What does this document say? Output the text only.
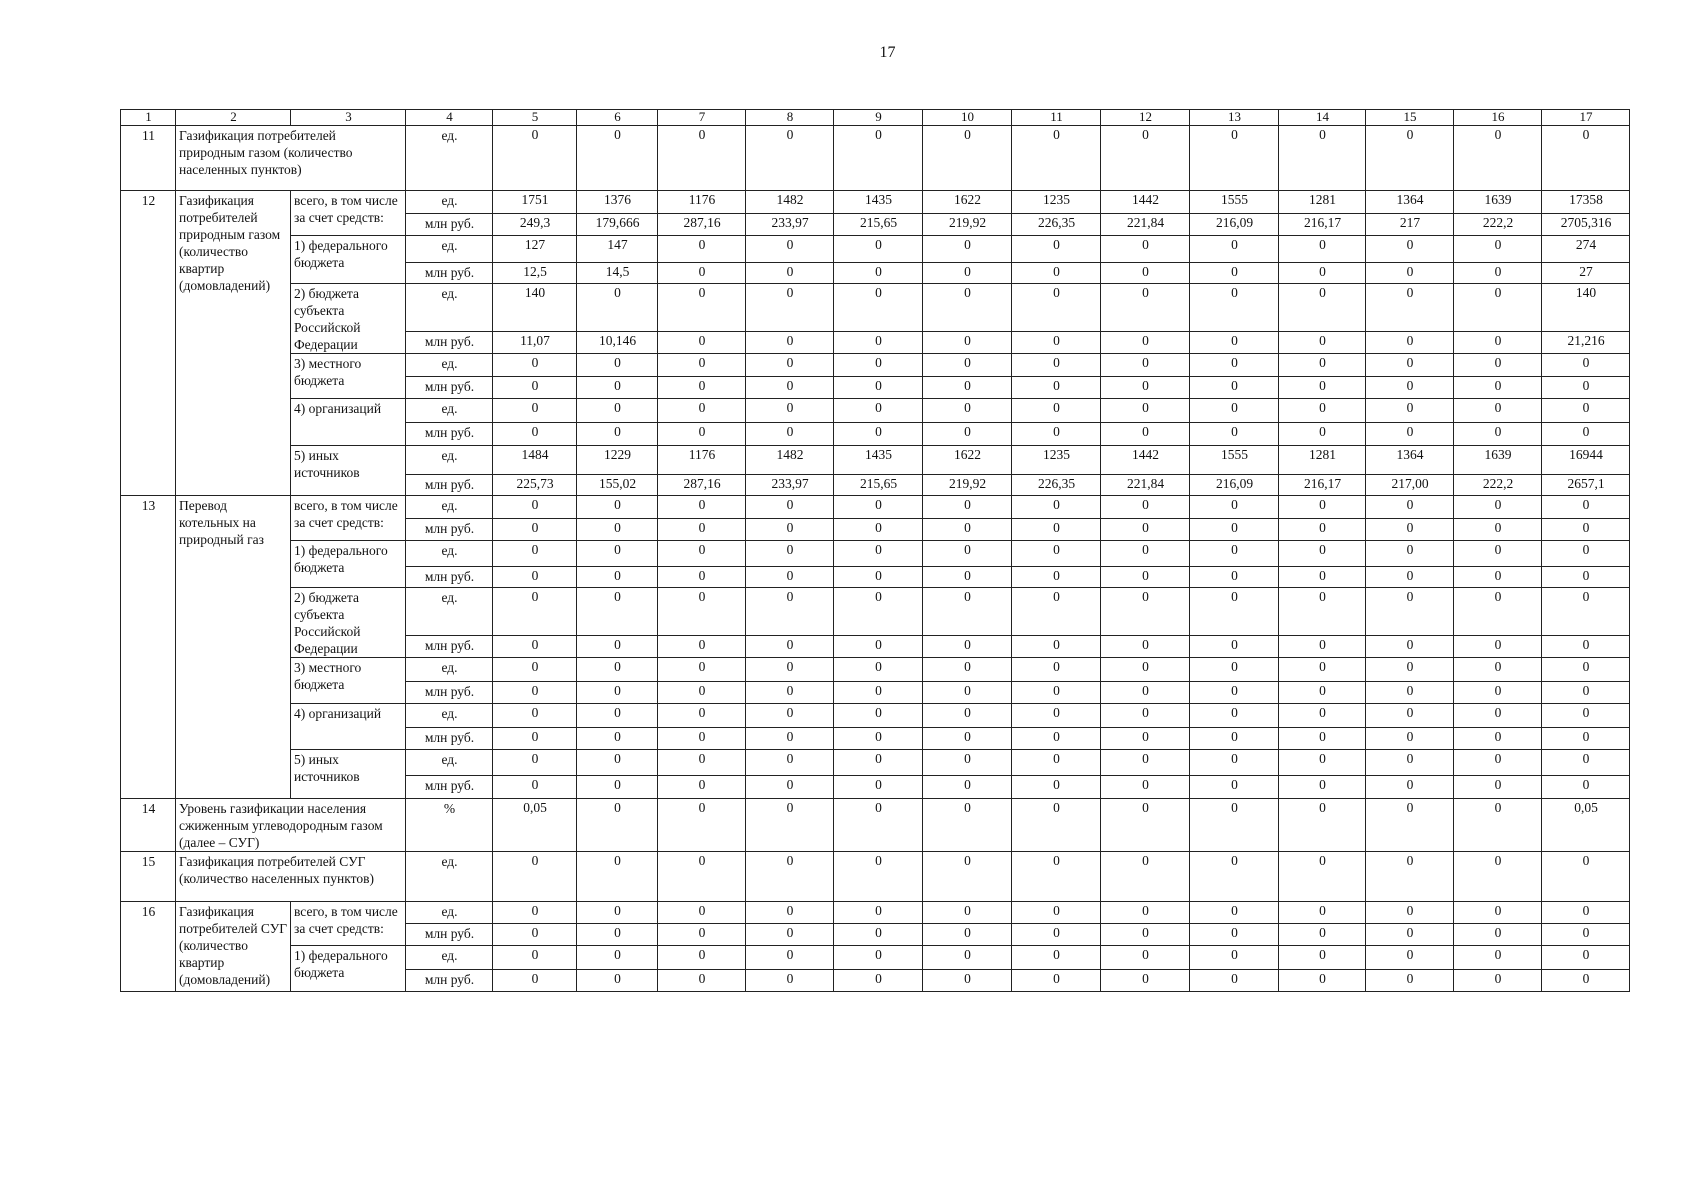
17
1	2	3	4	5	6	7	8	9	10	11	12	13	14	15	16	17
11	Газификация потребителей природным газом (количество населенных пунктов)		ед.	0	0	0	0	0	0	0	0	0	0	0	0	0
12	Газификация потребителей природным газом (количество квартир (домовладений)	всего, в том числе за счет средств:	ед.	1751	1376	1176	1482	1435	1622	1235	1442	1555	1281	1364	1639	17358
			млн руб.	249,3	179,666	287,16	233,97	215,65	219,92	226,35	221,84	216,09	216,17	217	222,2	2705,316
		1) федерального бюджета	ед.	127	147	0	0	0	0	0	0	0	0	0	0	274
			млн руб.	12,5	14,5	0	0	0	0	0	0	0	0	0	0	27
		2) бюджета субъекта Российской Федерации	ед.	140	0	0	0	0	0	0	0	0	0	0	0	140
			млн руб.	11,07	10,146	0	0	0	0	0	0	0	0	0	0	21,216
		3) местного бюджета	ед.	0	0	0	0	0	0	0	0	0	0	0	0	0
			млн руб.	0	0	0	0	0	0	0	0	0	0	0	0	0
		4) организаций	ед.	0	0	0	0	0	0	0	0	0	0	0	0	0
			млн руб.	0	0	0	0	0	0	0	0	0	0	0	0	0
		5) иных источников	ед.	1484	1229	1176	1482	1435	1622	1235	1442	1555	1281	1364	1639	16944
			млн руб.	225,73	155,02	287,16	233,97	215,65	219,92	226,35	221,84	216,09	216,17	217,00	222,2	2657,1
13	Перевод котельных на природный газ	всего, в том числе за счет средств:	ед.	0	0	0	0	0	0	0	0	0	0	0	0	0
			млн руб.	0	0	0	0	0	0	0	0	0	0	0	0	0
		1) федерального бюджета	ед.	0	0	0	0	0	0	0	0	0	0	0	0	0
			млн руб.	0	0	0	0	0	0	0	0	0	0	0	0	0
		2) бюджета субъекта Российской Федерации	ед.	0	0	0	0	0	0	0	0	0	0	0	0	0
			млн руб.	0	0	0	0	0	0	0	0	0	0	0	0	0
		3) местного бюджета	ед.	0	0	0	0	0	0	0	0	0	0	0	0	0
			млн руб.	0	0	0	0	0	0	0	0	0	0	0	0	0
		4) организаций	ед.	0	0	0	0	0	0	0	0	0	0	0	0	0
			млн руб.	0	0	0	0	0	0	0	0	0	0	0	0	0
		5) иных источников	ед.	0	0	0	0	0	0	0	0	0	0	0	0	0
			млн руб.	0	0	0	0	0	0	0	0	0	0	0	0	0
14	Уровень газификации населения сжиженным углеводородным газом (далее – СУГ)		%	0,05	0	0	0	0	0	0	0	0	0	0	0	0,05
15	Газификация потребителей СУГ (количество населенных пунктов)		ед.	0	0	0	0	0	0	0	0	0	0	0	0	0
16	Газификация потребителей СУГ (количество квартир (домовладений)	всего, в том числе за счет средств:	ед.	0	0	0	0	0	0	0	0	0	0	0	0	0
			млн руб.	0	0	0	0	0	0	0	0	0	0	0	0	0
		1) федерального бюджета	ед.	0	0	0	0	0	0	0	0	0	0	0	0	0
			млн руб.	0	0	0	0	0	0	0	0	0	0	0	0	0
